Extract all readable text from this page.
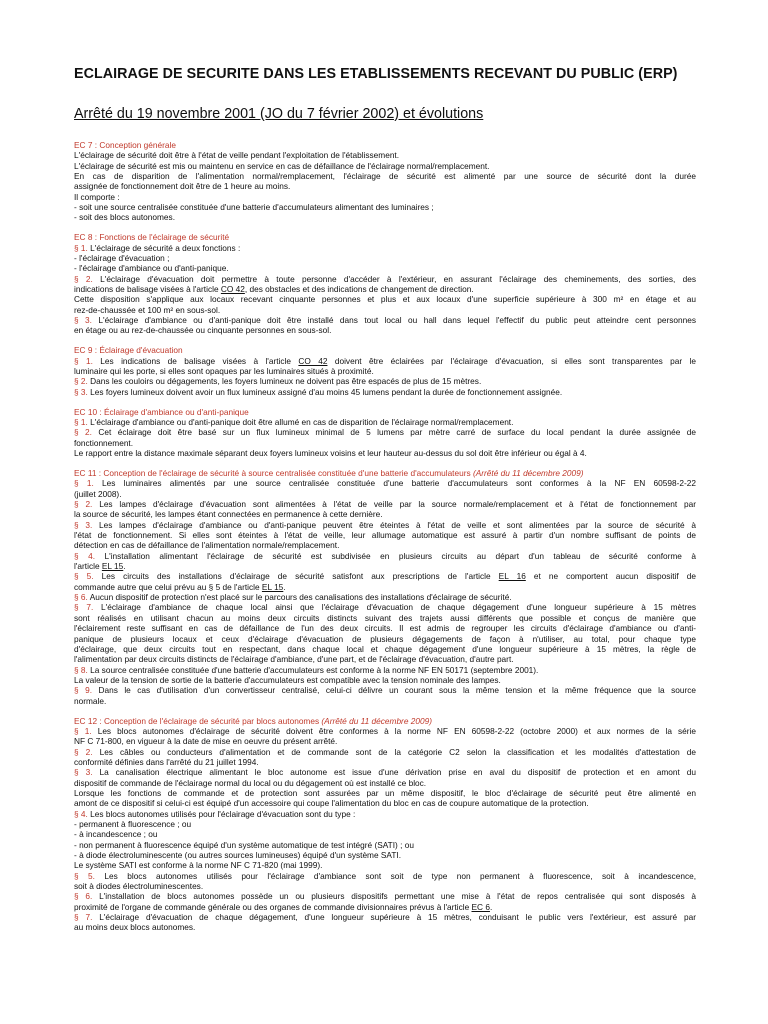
ECLAIRAGE DE SECURITE DANS LES ETABLISSEMENTS RECEVANT DU PUBLIC (ERP)
Arrêté du 19 novembre 2001 (JO du 7 février 2002) et évolutions
EC 7 : Conception générale
L'éclairage de sécurité doit être à l'état de veille pendant l'exploitation de l'établissement.
L'éclairage de sécurité est mis ou maintenu en service en cas de défaillance de l'éclairage normal/remplacement.
En cas de disparition de l'alimentation normal/remplacement, l'éclairage de sécurité est alimenté par une source de sécurité dont la durée
assignée de fonctionnement doit être de 1 heure au moins.
Il comporte :
- soit une source centralisée constituée d'une batterie d'accumulateurs alimentant des luminaires ;
- soit des blocs autonomes.
EC 8 : Fonctions de l'éclairage de sécurité
§ 1. L'éclairage de sécurité a deux fonctions :
- l'éclairage d'évacuation ;
- l'éclairage d'ambiance ou d'anti-panique.
§ 2. L'éclairage d'évacuation doit permettre à toute personne d'accéder à l'extérieur, en assurant l'éclairage des cheminements, des sorties, des
indications de balisage visées à l'article CO 42, des obstacles et des indications de changement de direction.
Cette disposition s'applique aux locaux recevant cinquante personnes et plus et aux locaux d'une superficie supérieure à 300 m² en étage et au
rez-de-chaussée et 100 m² en sous-sol.
§ 3. L'éclairage d'ambiance ou d'anti-panique doit être installé dans tout local ou hall dans lequel l'effectif du public peut atteindre cent personnes
en étage ou au rez-de-chaussée ou cinquante personnes en sous-sol.
EC 9 : Éclairage d'évacuation
§ 1. Les indications de balisage visées à l'article CO 42 doivent être éclairées par l'éclairage d'évacuation, si elles sont transparentes par le
luminaire qui les porte, si elles sont opaques par les luminaires situés à proximité.
§ 2. Dans les couloirs ou dégagements, les foyers lumineux ne doivent pas être espacés de plus de 15 mètres.
§ 3. Les foyers lumineux doivent avoir un flux lumineux assigné d'au moins 45 lumens pendant la durée de fonctionnement assignée.
EC 10 : Éclairage d'ambiance ou d'anti-panique
§ 1. L'éclairage d'ambiance ou d'anti-panique doit être allumé en cas de disparition de l'éclairage normal/remplacement.
§ 2. Cet éclairage doit être basé sur un flux lumineux minimal de 5 lumens par mètre carré de surface du local pendant la durée assignée de
fonctionnement.
Le rapport entre la distance maximale séparant deux foyers lumineux voisins et leur hauteur au-dessus du sol doit être inférieur ou égal à 4.
EC 11 : Conception de l'éclairage de sécurité à source centralisée constituée d'une batterie d'accumulateurs (Arrêté du 11 décembre 2009)
§ 1. Les luminaires alimentés par une source centralisée constituée d'une batterie d'accumulateurs sont conformes à la NF EN 60598-2-22
(juillet 2008).
§ 2. Les lampes d'éclairage d'évacuation sont alimentées à l'état de veille par la source normale/remplacement et à l'état de fonctionnement par
la source de sécurité, les lampes étant connectées en permanence à cette dernière.
§ 3. Les lampes d'éclairage d'ambiance ou d'anti-panique peuvent être éteintes à l'état de veille et sont alimentées par la source de sécurité à
l'état de fonctionnement. Si elles sont éteintes à l'état de veille, leur allumage automatique est assuré à partir d'un nombre suffisant de points de
détection en cas de défaillance de l'alimentation normale/remplacement.
§ 4. L'installation alimentant l'éclairage de sécurité est subdivisée en plusieurs circuits au départ d'un tableau de sécurité conforme à
l'article EL 15.
§ 5. Les circuits des installations d'éclairage de sécurité satisfont aux prescriptions de l'article EL 16 et ne comportent aucun dispositif de
commande autre que celui prévu au § 5 de l'article EL 15.
§ 6. Aucun dispositif de protection n'est placé sur le parcours des canalisations des installations d'éclairage de sécurité.
§ 7. L'éclairage d'ambiance de chaque local ainsi que l'éclairage d'évacuation de chaque dégagement d'une longueur supérieure à 15 mètres
sont réalisés en utilisant chacun au moins deux circuits distincts suivant des trajets aussi différents que possible et conçus de manière que
l'éclairement reste suffisant en cas de défaillance de l'un des deux circuits. Il est admis de regrouper les circuits d'éclairage d'ambiance ou d'anti-
panique de plusieurs locaux et ceux d'éclairage d'évacuation de plusieurs dégagements de façon à n'utiliser, au total, pour chaque type
d'éclairage, que deux circuits tout en respectant, dans chaque local et chaque dégagement d'une longueur supérieure à 15 mètres, la règle de
l'alimentation par deux circuits distincts de l'éclairage d'ambiance, d'une part, et de l'éclairage d'évacuation, d'autre part.
§ 8. La source centralisée constituée d'une batterie d'accumulateurs est conforme à la norme NF EN 50171 (septembre 2001).
La valeur de la tension de sortie de la batterie d'accumulateurs est compatible avec la tension nominale des lampes.
§ 9. Dans le cas d'utilisation d'un convertisseur centralisé, celui-ci délivre un courant sous la même tension et la même fréquence que la source
normale.
EC 12 : Conception de l'éclairage de sécurité par blocs autonomes (Arrêté du 11 décembre 2009)
§ 1. Les blocs autonomes d'éclairage de sécurité doivent être conformes à la norme NF EN 60598-2-22 (octobre 2000) et aux normes de la série
NF C 71-800, en vigueur à la date de mise en oeuvre du présent arrêté.
§ 2. Les câbles ou conducteurs d'alimentation et de commande sont de la catégorie C2 selon la classification et les modalités d'attestation de
conformité définies dans l'arrêté du 21 juillet 1994.
§ 3. La canalisation électrique alimentant le bloc autonome est issue d'une dérivation prise en aval du dispositif de protection et en amont du
dispositif de commande de l'éclairage normal du local ou du dégagement où est installé ce bloc.
Lorsque les fonctions de commande et de protection sont assurées par un même dispositif, le bloc d'éclairage de sécurité peut être alimenté en
amont de ce dispositif si celui-ci est équipé d'un accessoire qui coupe l'alimentation du bloc en cas de coupure automatique de la protection.
§ 4. Les blocs autonomes utilisés pour l'éclairage d'évacuation sont du type :
- permanent à fluorescence ; ou
- à incandescence ; ou
- non permanent à fluorescence équipé d'un système automatique de test intégré (SATI) ; ou
- à diode électroluminescente (ou autres sources lumineuses) équipé d'un système SATI.
Le système SATI est conforme à la norme NF C 71-820 (mai 1999).
§ 5. Les blocs autonomes utilisés pour l'éclairage d'ambiance sont soit de type non permanent à fluorescence, soit à incandescence,
soit à diodes électroluminescentes.
§ 6. L'installation de blocs autonomes possède un ou plusieurs dispositifs permettant une mise à l'état de repos centralisée qui sont disposés à
proximité de l'organe de commande générale ou des organes de commande divisionnaires prévus à l'article EC 6.
§ 7. L'éclairage d'évacuation de chaque dégagement, d'une longueur supérieure à 15 mètres, conduisant le public vers l'extérieur, est assuré par
au moins deux blocs autonomes.
